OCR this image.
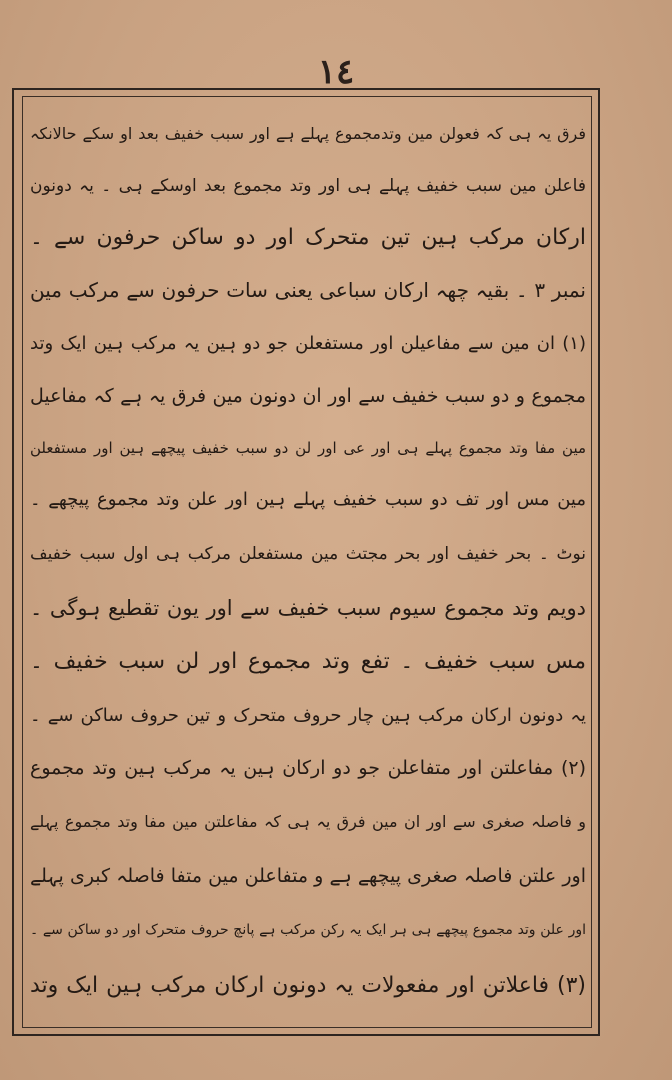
١٤
فرق یہ ہی کہ فعولن مین وتدمجموع پہلے ہے اور سبب خفیف بعد او سکے حالانکہ
فاعلن مین سبب خفیف پہلے ہی اور وتد مجموع بعد اوسکے ہی ۔ یہ دونون
ارکان مرکب ہین تین متحرک اور دو ساکن حرفون سے ۔
نمبر ٣ ۔ بقیہ چھہ ارکان سباعی یعنی سات حرفون سے مرکب مین
(١) ان مین سے مفاعیلن اور مستفعلن جو دو ہین یہ مرکب ہین ایک وتد
مجموع و دو سبب خفیف سے اور ان دونون مین فرق یہ ہے کہ مفاعیل
مین مفا وتد مجموع پہلے ہی اور عی اور لن دو سبب خفیف پیچھے ہین اور مستفعلن
مین مس اور تف دو سبب خفیف پہلے ہین اور علن وتد مجموع پیچھے ۔
نوٹ ۔ بحر خفیف اور بحر مجتث مین مستفعلن مرکب ہی اول سبب خفیف
دویم وتد مجموع سیوم سبب خفیف سے اور یون تقطیع ہوگی ۔
مس سبب خفیف ۔ تفع وتد مجموع اور لن سبب خفیف ۔
یہ دونون ارکان مرکب ہین چار حروف متحرک و تین حروف ساکن سے ۔
(٢) مفاعلتن اور متفاعلن جو دو ارکان ہین یہ مرکب ہین وتد مجموع
و فاصلہ صغری سے اور ان مین فرق یہ ہی کہ مفاعلتن مین مفا وتد مجموع پہلے
اور علتن فاصلہ صغری پیچھے ہے و متفاعلن مین متفا فاصلہ کبری پہلے
اور علن وتد مجموع پیچھے ہی ہر ایک یہ رکن مرکب ہے پانچ حروف متحرک اور دو ساکن سے ۔
(٣) فاعلاتن اور مفعولات یہ دونون ارکان مرکب ہین ایک وتد
